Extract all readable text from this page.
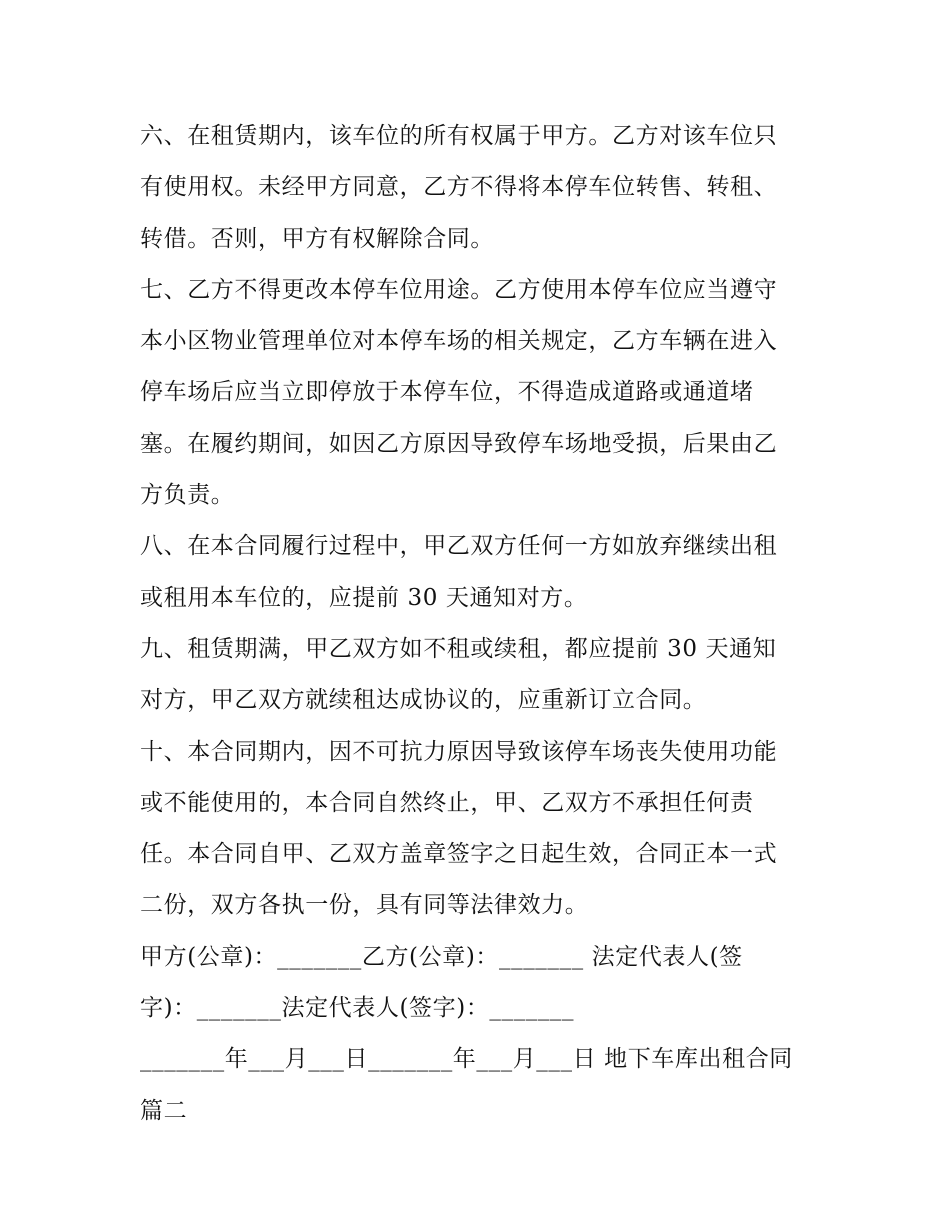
六、在租赁期内，该车位的所有权属于甲方。乙方对该车位只
有使用权。未经甲方同意，乙方不得将本停车位转售、转租、
转借。否则，甲方有权解除合同。
七、乙方不得更改本停车位用途。乙方使用本停车位应当遵守
本小区物业管理单位对本停车场的相关规定，乙方车辆在进入
停车场后应当立即停放于本停车位，不得造成道路或通道堵
塞。在履约期间，如因乙方原因导致停车场地受损，后果由乙
方负责。
八、在本合同履行过程中，甲乙双方任何一方如放弃继续出租
或租用本车位的，应提前 30 天通知对方。
九、租赁期满，甲乙双方如不租或续租，都应提前 30 天通知
对方，甲乙双方就续租达成协议的，应重新订立合同。
十、本合同期内，因不可抗力原因导致该停车场丧失使用功能
或不能使用的，本合同自然终止，甲、乙双方不承担任何责
任。本合同自甲、乙双方盖章签字之日起生效，合同正本一式
二份，双方各执一份，具有同等法律效力。
甲方(公章)：_______乙方(公章)：_______ 法定代表人(签
字)：_______法定代表人(签字)：_______
_______年___月___日_______年___月___日 地下车库出租合同
篇二
